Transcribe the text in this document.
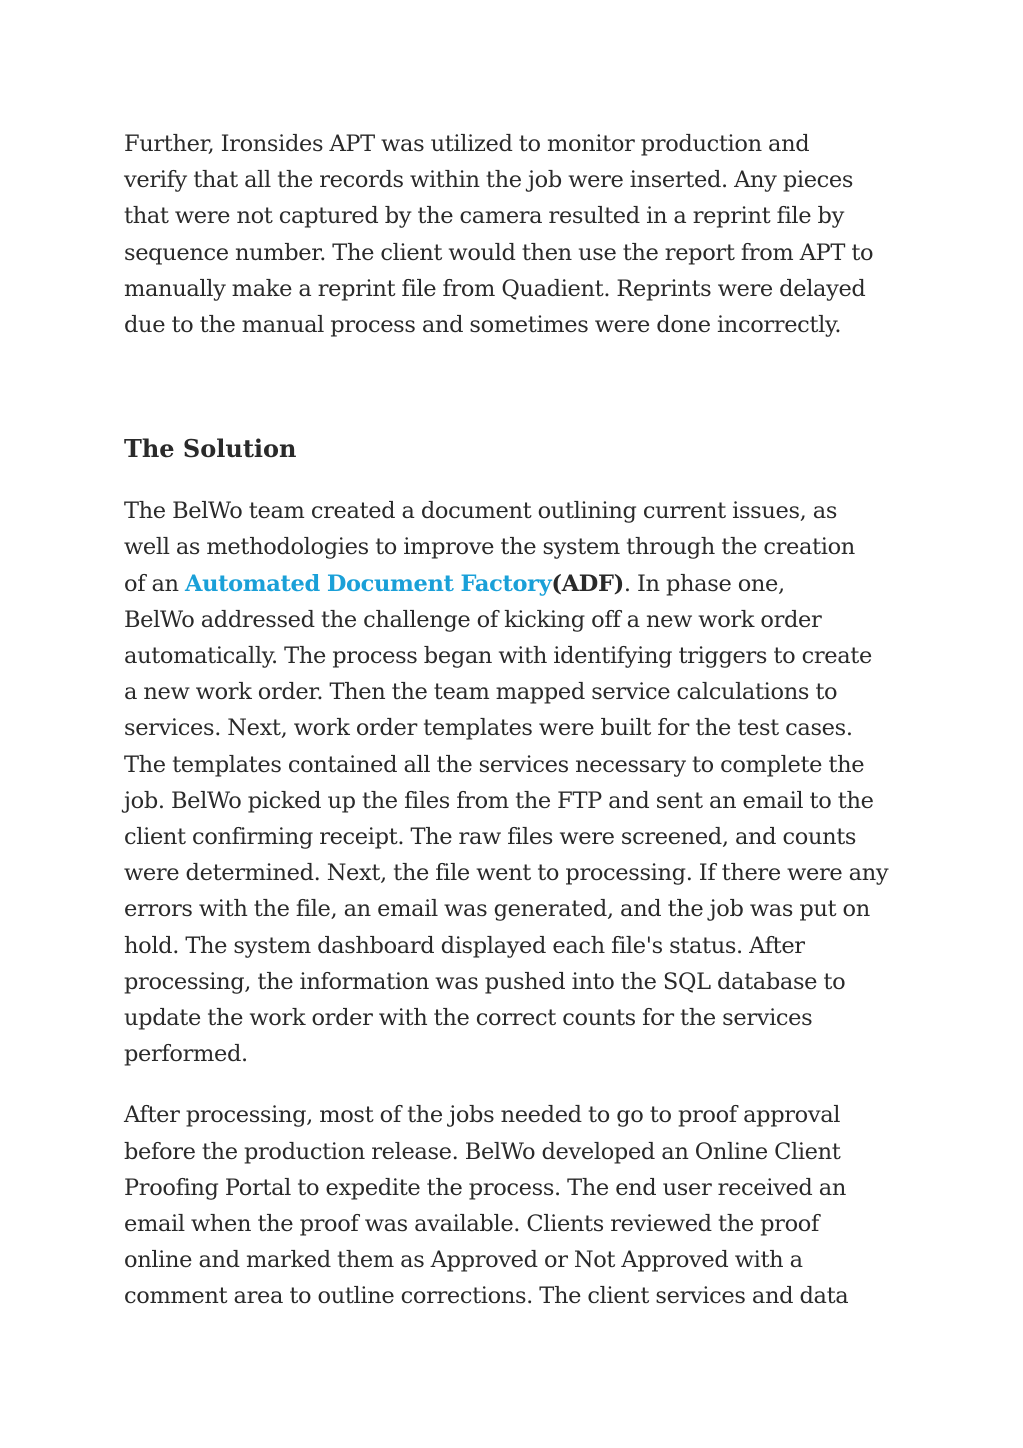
Further, Ironsides APT was utilized to monitor production and
verify that all the records within the job were inserted. Any pieces
that were not captured by the camera resulted in a reprint file by
sequence number. The client would then use the report from APT to
manually make a reprint file from Quadient. Reprints were delayed
due to the manual process and sometimes were done incorrectly.

The Solution

The BelWo team created a document outlining current issues, as
well as methodologies to improve the system through the creation
of an Automated Document Factory(ADF). In phase one,
BelWo addressed the challenge of kicking off a new work order
automatically. The process began with identifying triggers to create
a new work order. Then the team mapped service calculations to
services. Next, work order templates were built for the test cases.
The templates contained all the services necessary to complete the
job. BelWo picked up the files from the FTP and sent an email to the
client confirming receipt. The raw files were screened, and counts
were determined. Next, the file went to processing. If there were any
errors with the file, an email was generated, and the job was put on
hold. The system dashboard displayed each file's status. After
processing, the information was pushed into the SQL database to
update the work order with the correct counts for the services
performed.

After processing, most of the jobs needed to go to proof approval
before the production release. BelWo developed an Online Client
Proofing Portal to expedite the process. The end user received an
email when the proof was available. Clients reviewed the proof
online and marked them as Approved or Not Approved with a
comment area to outline corrections. The client services and data
